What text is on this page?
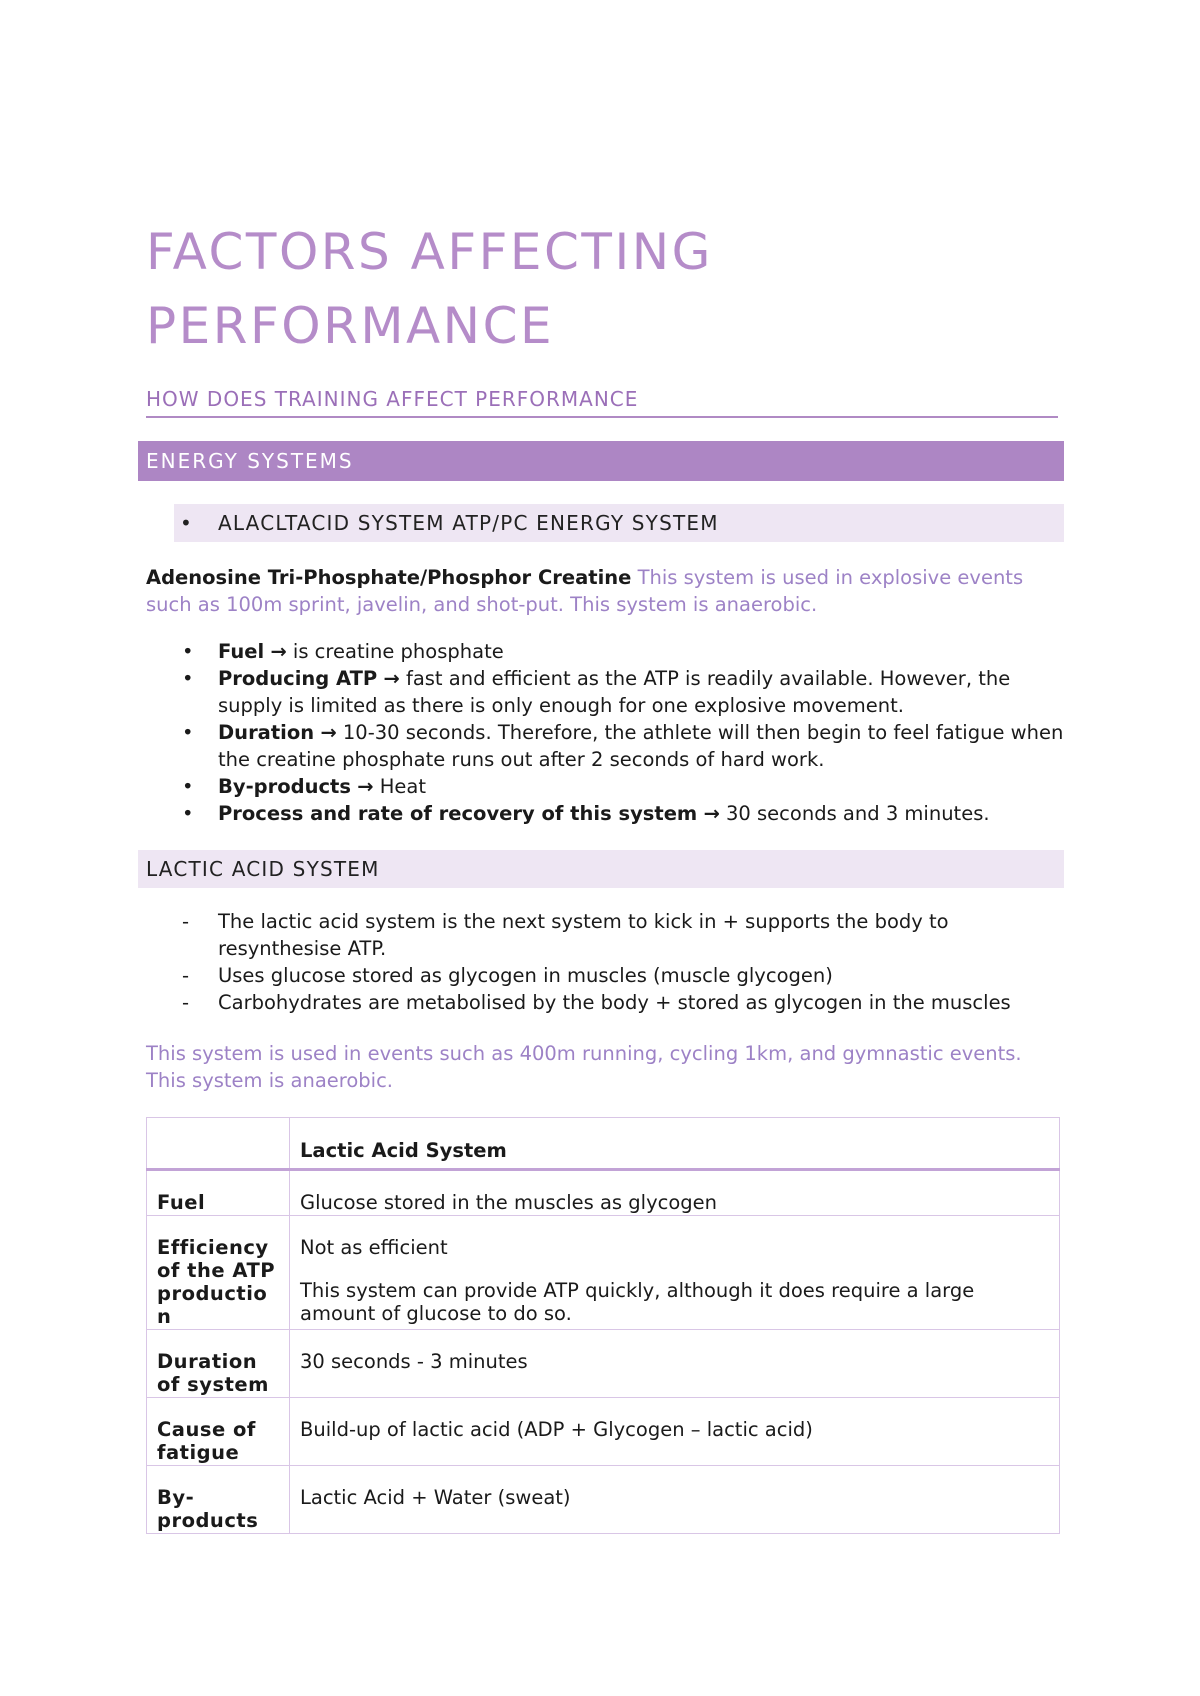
FACTORS AFFECTING
PERFORMANCE
HOW DOES TRAINING AFFECT PERFORMANCE
ENERGY SYSTEMS
• ALACLTACID SYSTEM ATP/PC ENERGY SYSTEM

Adenosine Tri-Phosphate/Phosphor Creatine This system is used in explosive events such as 100m sprint, javelin, and shot-put. This system is anaerobic.

• Fuel → is creatine phosphate
• Producing ATP → fast and efficient as the ATP is readily available. However, the supply is limited as there is only enough for one explosive movement.
• Duration → 10-30 seconds. Therefore, the athlete will then begin to feel fatigue when the creatine phosphate runs out after 2 seconds of hard work.
• By-products → Heat
• Process and rate of recovery of this system → 30 seconds and 3 minutes.
LACTIC ACID SYSTEM
- The lactic acid system is the next system to kick in + supports the body to resynthesise ATP.
- Uses glucose stored as glycogen in muscles (muscle glycogen)
- Carbohydrates are metabolised by the body + stored as glycogen in the muscles

This system is used in events such as 400m running, cycling 1km, and gymnastic events. This system is anaerobic.

	Lactic Acid System
Fuel	Glucose stored in the muscles as glycogen
Efficiency of the ATP productio n	Not as efficient
This system can provide ATP quickly, although it does require a large amount of glucose to do so.

Duration of system	30 seconds - 3 minutes
Cause of fatigue	Build-up of lactic acid (ADP + Glycogen – lactic acid)
By-products	Lactic Acid + Water (sweat)
